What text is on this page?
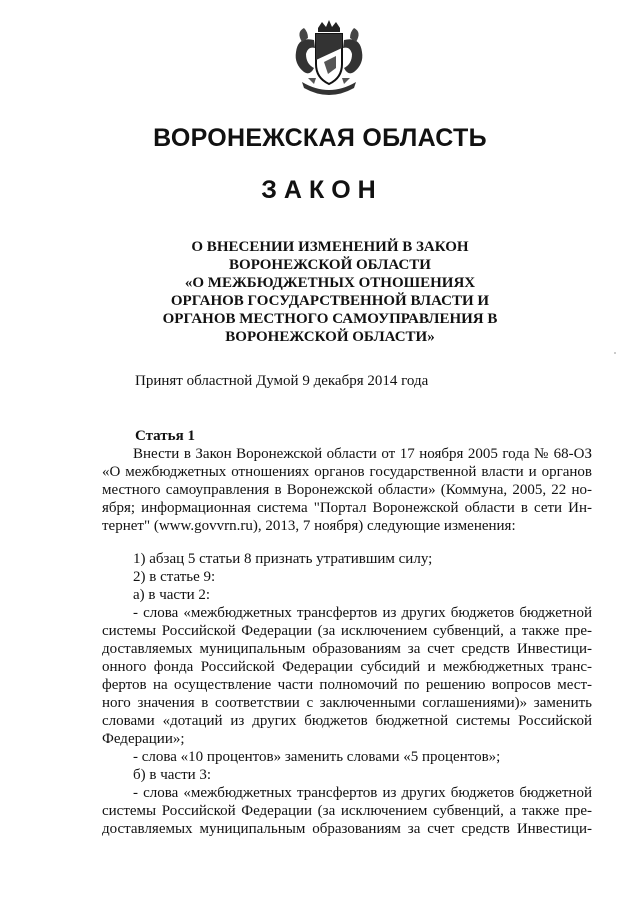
ВОРОНЕЖСКАЯ ОБЛАСТЬ
ЗАКОН
О ВНЕСЕНИИ ИЗМЕНЕНИЙ В ЗАКОН
ВОРОНЕЖСКОЙ ОБЛАСТИ
«О МЕЖБЮДЖЕТНЫХ ОТНОШЕНИЯХ
ОРГАНОВ ГОСУДАРСТВЕННОЙ ВЛАСТИ И
ОРГАНОВ МЕСТНОГО САМОУПРАВЛЕНИЯ В
ВОРОНЕЖСКОЙ ОБЛАСТИ»
Принят областной Думой 9 декабря 2014 года
Статья 1
Внести в Закон Воронежской области от 17 ноября 2005 года № 68-ОЗ
«О межбюджетных отношениях органов государственной власти и органов
местного самоуправления в Воронежской области» (Коммуна, 2005, 22 но-
ября; информационная система "Портал Воронежской области в сети Ин-
тернет" (www.govvrn.ru), 2013, 7 ноября) следующие изменения:
1) абзац 5 статьи 8 признать утратившим силу;
2) в статье 9:
а) в части 2:
- слова «межбюджетных трансфертов из других бюджетов бюджетной
системы Российской Федерации (за исключением субвенций, а также пре-
доставляемых муниципальным образованиям за счет средств Инвестици-
онного фонда Российской Федерации субсидий и межбюджетных транс-
фертов на осуществление части полномочий по решению вопросов мест-
ного значения в соответствии с заключенными соглашениями)» заменить
словами «дотаций из других бюджетов бюджетной системы Российской
Федерации»;
- слова «10 процентов» заменить словами «5 процентов»;
б) в части 3:
- слова «межбюджетных трансфертов из других бюджетов бюджетной
системы Российской Федерации (за исключением субвенций, а также пре-
доставляемых муниципальным образованиям за счет средств Инвестици-
